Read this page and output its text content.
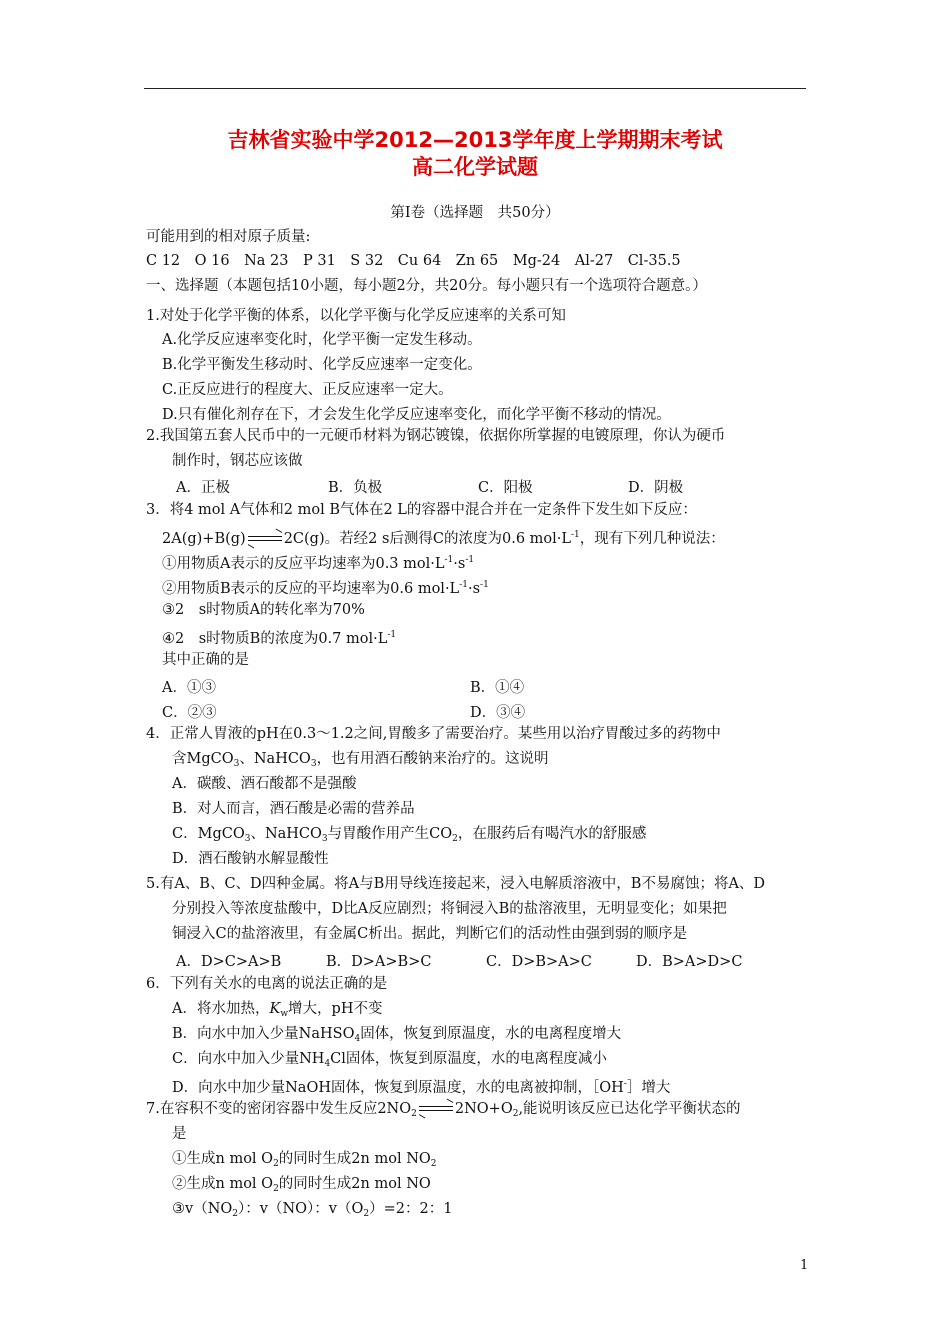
吉林省实验中学2012—2013学年度上学期期末考试
高二化学试题
第Ⅰ卷（选择题　共50分）
可能用到的相对原子质量:
C 12　O 16　Na 23　P 31　S 32　Cu 64　Zn 65　Mg-24　Al-27　Cl-35.5
一、选择题（本题包括10小题，每小题2分，共20分。每小题只有一个选项符合题意。）
1.对处于化学平衡的体系，以化学平衡与化学反应速率的关系可知
A.化学反应速率变化时，化学平衡一定发生移动。
B.化学平衡发生移动时、化学反应速率一定变化。
C.正反应进行的程度大、正反应速率一定大。
D.只有催化剂存在下，才会发生化学反应速率变化，而化学平衡不移动的情况。
2.我国第五套人民币中的一元硬币材料为钢芯镀镍，依据你所掌握的电镀原理，你认为硬币
制作时，钢芯应该做
A．正极	B．负极	C．阳极	D．阴极
3．将4 mol A气体和2 mol B气体在2 L的容器中混合并在一定条件下发生如下反应：
2A(g)+B(g)	2C(g)。若经2 s后测得C的浓度为0.6 $mol\cdot L^{-1}$，现有下列几种说法：
①用物质A表示的反应平均速率为0.3 $mol\cdot L^{-1}\cdot s^{-1}$
②用物质B表示的反应的平均速率为0.6 $mol\cdot L^{-1}\cdot s^{-1}$
③2　s时物质A的转化率为70%
④2　s时物质B的浓度为0.7 $mol\cdot L^{-1}$
其中正确的是
A．①③	B．①④
C．②③	D．③④
4．正常人胃液的pH在0.3～1.2之间,胃酸多了需要治疗。某些用以治疗胃酸过多的药物中
含MgCO$_3$、NaHCO$_3$，也有用酒石酸钠来治疗的。这说明
A．碳酸、酒石酸都不是强酸
B．对人而言，酒石酸是必需的营养品
C．MgCO$_3$、NaHCO$_3$与胃酸作用产生$CO_2$，在服药后有喝汽水的舒服感
D．酒石酸钠水解显酸性
5.有A、B、C、D四种金属。将A与B用导线连接起来，浸入电解质溶液中，B不易腐蚀；将A、D
分别投入等浓度盐酸中，D比A反应剧烈；将铜浸入B的盐溶液里，无明显变化；如果把
铜浸入C的盐溶液里，有金属C析出。据此，判断它们的活动性由强到弱的顺序是
A．D>C>A>B	B．D>A>B>C	C．D>B>A>C	D．B>A>D>C
6．下列有关水的电离的说法正确的是
A．将水加热，$K_w$增大，pH不变
B．向水中加入少量NaHSO$_4$固体，恢复到原温度，水的电离程度增大
C．向水中加入少量$NH_4Cl$固体，恢复到原温度，水的电离程度减小
D．向水中加少量NaOH固体，恢复到原温度，水的电离被抑制，［OH-］增大
7.在容积不变的密闭容器中发生反应$2NO_2$	$2NO+O_2$,能说明该反应已达化学平衡状态的
是
①生成n mol $O_2$的同时生成2n mol $NO_2$
②生成n mol $O_2$的同时生成2n mol NO
$③v(NO_2)$：v（NO）：$v(O_2)=2$：2：1
1
